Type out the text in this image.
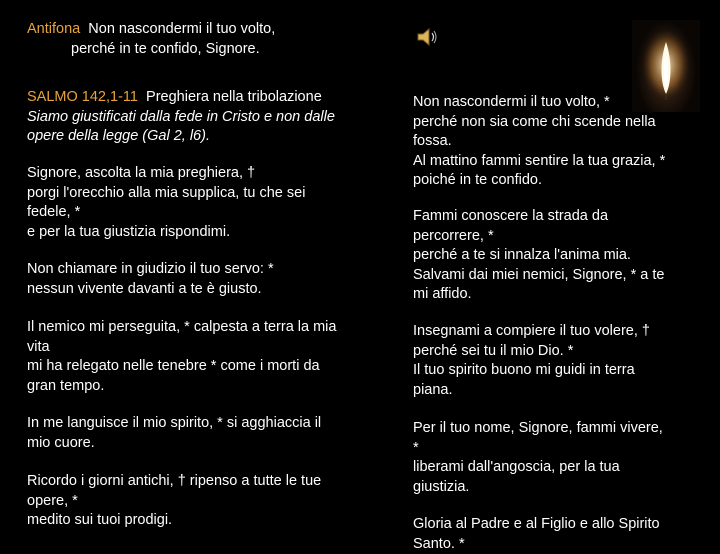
Antifona Non nascondermi il tuo volto,
perché in te confido, Signore.
SALMO 142,1-11 Preghiera nella tribolazione
Siamo giustificati dalla fede in Cristo e non dalle
opere della legge (Gal 2, l6).
Signore, ascolta la mia preghiera, †
porgi l'orecchio alla mia supplica, tu che sei
fedele, *
e per la tua giustizia rispondimi.
Non chiamare in giudizio il tuo servo: *
nessun vivente davanti a te è giusto.
Il nemico mi perseguita, * calpesta a terra la mia
vita
mi ha relegato nelle tenebre * come i morti da
gran tempo.
In me languisce il mio spirito, * si agghiaccia il
mio cuore.
Ricordo i giorni antichi, † ripenso a tutte le tue
opere, *
medito sui tuoi prodigi.
Non nascondermi il tuo volto, *
perché non sia come chi scende nella
fossa.
Al mattino fammi sentire la tua grazia, *
poiché in te confido.
Fammi conoscere la strada da
percorrere, *
perché a te si innalza l'anima mia.
Salvami dai miei nemici, Signore, * a te
mi affido.
Insegnami a compiere il tuo volere, †
perché sei tu il mio Dio. *
Il tuo spirito buono mi guidi in terra
piana.
Per il tuo nome, Signore, fammi vivere,
*
liberami dall'angoscia, per la tua
giustizia.
Gloria al Padre e al Figlio e allo Spirito
Santo. *
